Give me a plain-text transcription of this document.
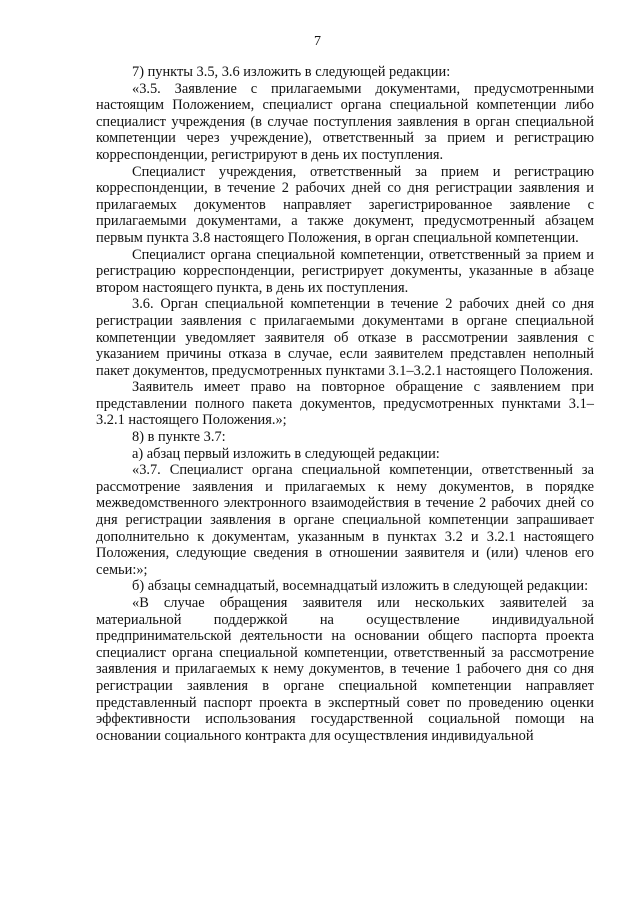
7

7) пункты 3.5, 3.6 изложить в следующей редакции:

«3.5. Заявление с прилагаемыми документами, предусмотренными настоящим Положением, специалист органа специальной компетенции либо специалист учреждения (в случае поступления заявления в орган специальной компетенции через учреждение), ответственный за прием и регистрацию корреспонденции, регистрируют в день их поступления.

Специалист учреждения, ответственный за прием и регистрацию корреспонденции, в течение 2 рабочих дней со дня регистрации заявления и прилагаемых документов направляет зарегистрированное заявление с прилагаемыми документами, а также документ, предусмотренный абзацем первым пункта 3.8 настоящего Положения, в орган специальной компетенции.

Специалист органа специальной компетенции, ответственный за прием и регистрацию корреспонденции, регистрирует документы, указанные в абзаце втором настоящего пункта, в день их поступления.

3.6. Орган специальной компетенции в течение 2 рабочих дней со дня регистрации заявления с прилагаемыми документами в органе специальной компетенции уведомляет заявителя об отказе в рассмотрении заявления с указанием причины отказа в случае, если заявителем представлен неполный пакет документов, предусмотренных пунктами 3.1–3.2.1 настоящего Положения.

Заявитель имеет право на повторное обращение с заявлением при представлении полного пакета документов, предусмотренных пунктами 3.1–3.2.1 настоящего Положения.»;

8) в пункте 3.7:

а) абзац первый изложить в следующей редакции:

«3.7. Специалист органа специальной компетенции, ответственный за рассмотрение заявления и прилагаемых к нему документов, в порядке межведомственного электронного взаимодействия в течение 2 рабочих дней со дня регистрации заявления в органе специальной компетенции запрашивает дополнительно к документам, указанным в пунктах 3.2 и 3.2.1 настоящего Положения, следующие сведения в отношении заявителя и (или) членов его семьи:»;

б) абзацы семнадцатый, восемнадцатый изложить в следующей редакции:

«В случае обращения заявителя или нескольких заявителей за материальной поддержкой на осуществление индивидуальной предпринимательской деятельности на основании общего паспорта проекта специалист органа специальной компетенции, ответственный за рассмотрение заявления и прилагаемых к нему документов, в течение 1 рабочего дня со дня регистрации заявления в органе специальной компетенции направляет представленный паспорт проекта в экспертный совет по проведению оценки эффективности использования государственной социальной помощи на основании социального контракта для осуществления индивидуальной
